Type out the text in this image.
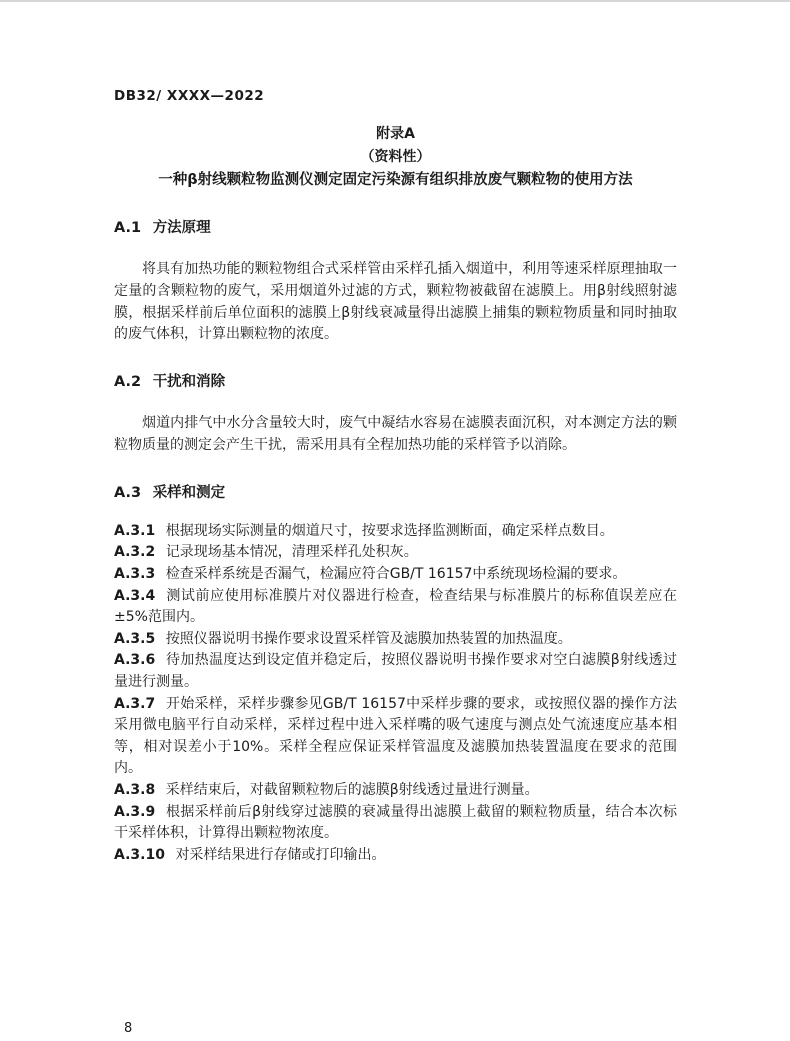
DB32/ XXXX—2022
附录A
（资料性）
一种β射线颗粒物监测仪测定固定污染源有组织排放废气颗粒物的使用方法
A.1 方法原理

将具有加热功能的颗粒物组合式采样管由采样孔插入烟道中，利用等速采样原理抽取一定量的含颗粒物的废气，采用烟道外过滤的方式，颗粒物被截留在滤膜上。用β射线照射滤膜，根据采样前后单位面积的滤膜上β射线衰减量得出滤膜上捕集的颗粒物质量和同时抽取的废气体积，计算出颗粒物的浓度。

A.2 干扰和消除

烟道内排气中水分含量较大时，废气中凝结水容易在滤膜表面沉积，对本测定方法的颗粒物质量的测定会产生干扰，需采用具有全程加热功能的采样管予以消除。

A.3 采样和测定

A.3.1 根据现场实际测量的烟道尺寸，按要求选择监测断面，确定采样点数目。

A.3.2 记录现场基本情况，清理采样孔处积灰。

A.3.3 检查采样系统是否漏气，检漏应符合GB/T 16157中系统现场检漏的要求。

A.3.4 测试前应使用标准膜片对仪器进行检查，检查结果与标准膜片的标称值误差应在±5%范围内。

A.3.5 按照仪器说明书操作要求设置采样管及滤膜加热装置的加热温度。

A.3.6 待加热温度达到设定值并稳定后，按照仪器说明书操作要求对空白滤膜β射线透过量进行测量。

A.3.7 开始采样，采样步骤参见GB/T 16157中采样步骤的要求，或按照仪器的操作方法采用微电脑平行自动采样，采样过程中进入采样嘴的吸气速度与测点处气流速度应基本相等，相对误差小于10%。采样全程应保证采样管温度及滤膜加热装置温度在要求的范围内。

A.3.8 采样结束后，对截留颗粒物后的滤膜β射线透过量进行测量。

A.3.9 根据采样前后β射线穿过滤膜的衰减量得出滤膜上截留的颗粒物质量，结合本次标干采样体积，计算得出颗粒物浓度。

A.3.10 对采样结果进行存储或打印输出。

8
